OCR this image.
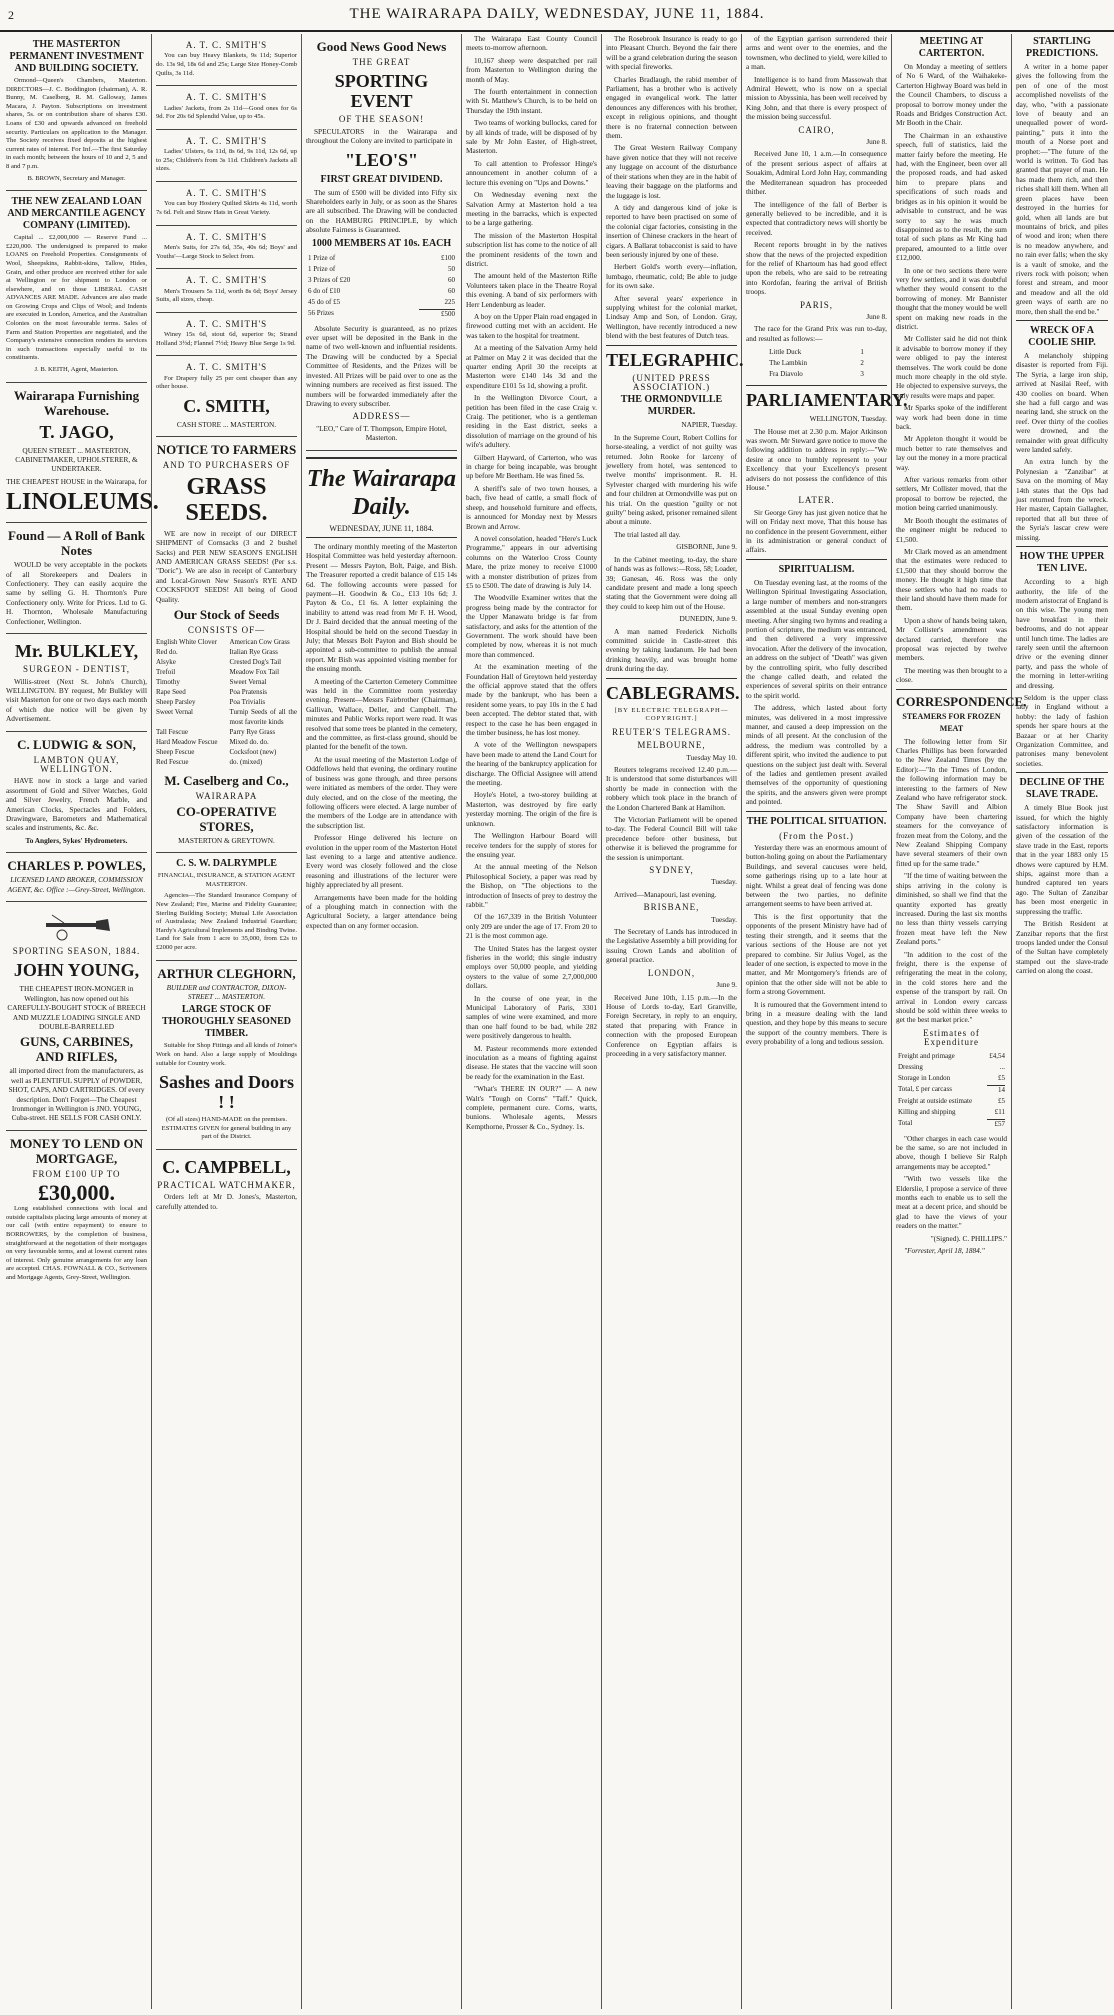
2	THE WAIRARAPA DAILY, WEDNESDAY, JUNE 11, 1884.
THE MASTERTON PERMANENT INVESTMENT AND BUILDING SOCIETY.

Ormond—Queen's Chambers, Masterton. DIRECTORS—J. C. Boddington (chairman), A. R. Bunny, M. Caselberg, R. M. Galloway, James Macara, J. Payton. Subscriptions on investment shares, 5s. or on contribution share of shares £30. Loans of £30 and upwards advanced on freehold security. Particulars on application to the Manager. The Society receives fixed deposits at the highest current rates of interest. For Inf.—The first Saturday in each month; between the hours of 10 and 2, 5 and 8 and 7 p.m.

B. BROWN, Secretary and Manager.

THE NEW ZEALAND LOAN AND MERCANTILE AGENCY COMPANY (LIMITED).

Capital ... £2,000,000 — Reserve Fund ... £220,000. The undersigned is prepared to make LOANS on Freehold Properties. Consignments of Wool, Sheepskins, Rabbit-skins, Tallow, Hides, Grain, and other produce are received either for sale at Wellington or for shipment to London or elsewhere, and on those LIBERAL CASH ADVANCES ARE MADE. Advances are also made on Growing Crops and Clips of Wool; and Indents are executed in London, America, and the Australian Colonies on the most favourable terms. Sales of Farm and Station Properties are negotiated, and the Company's extensive connection renders its services in such transactions especially useful to its constituents.

J. B. KEITH, Agent, Masterton.

Wairarapa Furnishing Warehouse.
T. JAGO,

QUEEN STREET ... MASTERTON, CABINETMAKER, UPHOLSTERER, & UNDERTAKER.

THE CHEAPEST HOUSE in the Wairarapa, for

LINOLEUMS.
Found — A Roll of Bank Notes

WOULD be very acceptable in the pockets of all Storekeepers and Dealers in Confectionery. They can easily acquire the same by selling G. H. Thornton's Pure Confectionery only. Write for Prices. Ltd to G. H. Thornton, Wholesale Manufacturing Confectioner, Wellington.

Mr. BULKLEY,
SURGEON - DENTIST,

Willis-street (Next St. John's Church), WELLINGTON. BY request, Mr Bulkley will visit Masterton for one or two days each month of which due notice will be given by Advertisement.

C. LUDWIG & SON,
LAMBTON QUAY, WELLINGTON.

HAVE now in stock a large and varied assortment of Gold and Silver Watches, Gold and Silver Jewelry, French Marble, and American Clocks, Spectacles and Folders, Drawingware, Barometers and Mathematical scales and instruments, &c. &c.

To Anglers, Sykes' Hydrometers.

CHARLES P. POWLES,

LICENSED LAND BROKER, COMMISSION AGENT, &c. Office :—Grey-Street, Wellington.

SPORTING SEASON, 1884.
JOHN YOUNG,

THE CHEAPEST IRON-MONGER in Wellington, has now opened out his CAREFULLY-BOUGHT STOCK of BREECH AND MUZZLE LOADING SINGLE AND DOUBLE-BARRELLED

GUNS, CARBINES, AND RIFLES,

all imported direct from the manufacturers, as well as PLENTIFUL SUPPLY of POWDER, SHOT, CAPS, AND CARTRIDGES. Of every description. Don't Forget—The Cheapest Ironmonger in Wellington is JNO. YOUNG, Cuba-street. HE SELLS FOR CASH ONLY.

MONEY TO LEND ON MORTGAGE,
FROM £100 UP TO
£30,000.

Long established connections with local and outside capitalists placing large amounts of money at our call (with entire repayment) to ensure to BORROWERS, by the completion of business, straightforward at the negotiation of their mortgages on very favourable terms, and at lowest current rates of interest. Only genuine arrangements for any loan are accepted. CHAS. FOWNALL & CO., Scriveners and Mortgage Agents, Grey-Street, Wellington.

A. T. C. SMITH'S

You can buy Heavy Blankets, 9s 11d; Superior do. 13s 9d, 18s 6d and 25s; Large Size Honey-Comb Quilts, 3s 11d.

A. T. C. SMITH'S

Ladies' Jackets, from 2s 11d—Good ones for 6s 9d. For 20s 6d Splendid Value, up to 45s.

A. T. C. SMITH'S

Ladies' Ulsters, 6s 11d, 8s 6d, 9s 11d, 12s 6d, up to 25s; Children's from 3s 11d. Children's Jackets all sizes.

A. T. C. SMITH'S

You can buy Hosiery Quilted Skirts 4s 11d, worth 7s 6d. Felt and Straw Hats in Great Variety.

A. T. C. SMITH'S

Men's Suits, for 27s 6d, 35s, 40s 6d; Boys' and Youths'—Large Stock to Select from.

A. T. C. SMITH'S

Men's Trousers 5s 11d, worth 8s 6d; Boys' Jersey Suits, all sizes, cheap.

A. T. C. SMITH'S

Winey 15s 6d, stout 6d, superior 9s; Strand Holland 3½d; Flannel 7½d; Heavy Blue Serge 1s 9d.

A. T. C. SMITH'S

For Drapery fully 25 per cent cheaper than any other house.

C. SMITH,

CASH STORE ... MASTERTON.

NOTICE TO FARMERS
AND TO PURCHASERS OF
GRASS SEEDS.

WE are now in receipt of our DIRECT SHIPMENT of Cornsacks (3 and 2 bushel Sacks) and PER NEW SEASON'S ENGLISH AND AMERICAN GRASS SEEDS! (Per s.s. "Doric"). We are also in receipt of Canterbury and Local-Grown New Season's RYE AND COCKSFOOT SEEDS! All being of Good Quality.

Our Stock of Seeds
CONSISTS OF—
English White Clover	American Cow Grass
Red do.	Italian Rye Grass
Alsyke	Crested Dog's Tail
Trefoil	Meadow Fox Tail
Timothy	Sweet Vernal
Rape Seed	Poa Pratensis
Sheep Parsley	Poa Trivialis
Sweet Vernal	Turnip Seeds of all the most favorite kinds
Tall Fescue	Parry Rye Grass
Hard Meadow Fescue	Mixed do. do.
Sheep Fescue	Cocksfoot (new)
Red Fescue	do. (mixed)
M. Caselberg and Co.,
WAIRARAPA
CO-OPERATIVE STORES,

MASTERTON & GREYTOWN.

C. S. W. DALRYMPLE

FINANCIAL, INSURANCE, & STATION AGENT MASTERTON.

Agencies—The Standard Insurance Company of New Zealand; Fire, Marine and Fidelity Guarantee; Sterling Building Society; Mutual Life Association of Australasia; New Zealand Industrial Guardian; Hardy's Agricultural Implements and Binding Twine. Land for Sale from 1 acre to 35,000, from £2s to £2000 per acre.

ARTHUR CLEGHORN,

BUILDER and CONTRACTOR, DIXON-STREET ... MASTERTON.

LARGE STOCK OF THOROUGHLY SEASONED TIMBER.

Suitable for Shop Fittings and all kinds of Joiner's Work on hand. Also a large supply of Mouldings suitable for Country work.

Sashes and Doors ! !

(Of all sizes) HAND-MADE on the premises. ESTIMATES GIVEN for general building in any part of the District.

C. CAMPBELL,
PRACTICAL WATCHMAKER,

Orders left at Mr D. Jones's, Masterton, carefully attended to.

Good News Good News
THE GREAT
SPORTING EVENT
OF THE SEASON!

SPECULATORS in the Wairarapa and throughout the Colony are invited to participate in

"LEO'S"
FIRST GREAT DIVIDEND.

The sum of £500 will be divided into Fifty six Shareholders early in July, or as soon as the Shares are all subscribed. The Drawing will be conducted on the HAMBURG PRINCIPLE, by which absolute Fairness is Guaranteed.

1000 MEMBERS AT 10s. EACH
1 Prize of	£100
1 Prize of	50
3 Prizes of £20	60
6 do of £10	60
45 do of £5	225
56 Prizes	£500

Absolute Security is guaranteed, as no prizes ever upset will be deposited in the Bank in the name of two well-known and influential residents. The Drawing will be conducted by a Special Committee of Residents, and the Prizes will be invested. All Prizes will be paid over to one as the winning numbers are received as first issued. The numbers will be forwarded immediately after the Drawing to every subscriber.

ADDRESS—

"LEO," Care of T. Thompson, Empire Hotel, Masterton.

The Wairarapa Daily.
WEDNESDAY, JUNE 11, 1884.

The ordinary monthly meeting of the Masterton Hospital Committee was held yesterday afternoon. Present — Messrs Payton, Bolt, Paige, and Bish. The Treasurer reported a credit balance of £15 14s 6d. The following accounts were passed for payment—H. Goodwin & Co., £13 10s 6d; J. Payton & Co., £1 6s. A letter explaining the inability to attend was read from Mr F. H. Wood, Dr J. Baird decided that the annual meeting of the Hospital should be held on the second Tuesday in July; that Messrs Bolt Payton and Bish should be appointed a sub-committee to publish the annual report. Mr Bish was appointed visiting member for the ensuing month.

A meeting of the Carterton Cemetery Committee was held in the Committee room yesterday evening. Present—Messrs Fairbrother (Chairman), Gallivan, Wallace, Deller, and Campbell. The minutes and Public Works report were read. It was resolved that some trees be planted in the cemetery, and the committee, as first-class ground, should be planted for the benefit of the town.

At the usual meeting of the Masterton Lodge of Oddfellows held that evening, the ordinary routine of business was gone through, and three persons were initiated as members of the order. They were duly elected, and on the close of the meeting, the following officers were elected. A large number of the members of the Lodge are in attendance with the subscription list.

Professor Hinge delivered his lecture on evolution in the upper room of the Masterton Hotel last evening to a large and attentive audience. Every word was closely followed and the close reasoning and illustrations of the lecturer were highly appreciated by all present.

Arrangements have been made for the holding of a ploughing match in connection with the Agricultural Society, a larger attendance being expected than on any former occasion.

The Wairarapa East County Council meets to-morrow afternoon.

10,167 sheep were despatched per rail from Masterton to Wellington during the month of May.

The fourth entertainment in connection with St. Matthew's Church, is to be held on Thursday the 19th instant.

Two teams of working bullocks, cared for by all kinds of trade, will be disposed of by sale by Mr John Easter, of High-street, Masterton.

To call attention to Professor Hinge's announcement in another column of a lecture this evening on "Ups and Downs."

On Wednesday evening next the Salvation Army at Masterton hold a tea meeting in the barracks, which is expected to be a large gathering.

The mission of the Masterton Hospital subscription list has come to the notice of all the prominent residents of the town and district.

The amount held of the Masterton Rifle Volunteers taken place in the Theatre Royal this evening. A band of six performers with Herr Lendenburg as leader.

A boy on the Upper Plain road engaged in firewood cutting met with an accident. He was taken to the hospital for treatment.

At a meeting of the Salvation Army held at Palmer on May 2 it was decided that the quarter ending April 30 the receipts at Masterton were £140 14s 3d and the expenditure £101 5s 1d, showing a profit.

In the Wellington Divorce Court, a petition has been filed in the case Craig v. Craig. The petitioner, who is a gentleman residing in the East district, seeks a dissolution of marriage on the ground of his wife's adultery.

Gilbert Hayward, of Carterton, who was in charge for being incapable, was brought up before Mr Beetham. He was fined 5s.

A sheriff's sale of two town houses, a bach, five head of cattle, a small flock of sheep, and household furniture and effects, is announced for Monday next by Messrs Brown and Arrow.

A novel consolation, headed "Here's Luck Programme," appears in our advertising columns on the Waterloo Cross County Mare, the prize money to receive £1000 with a monster distribution of prizes from £5 to £500. The date of drawing is July 14.

The Woodville Examiner writes that the progress being made by the contractor for the Upper Manawatu bridge is far from satisfactory, and asks for the attention of the Government. The work should have been completed by now, whereas it is not much more than commenced.

At the examination meeting of the Foundation Hall of Greytown held yesterday the official approve stated that the offers made by the bankrupt, who has been a resident some years, to pay 10s in the £ had been accepted. The debtor stated that, with respect to the case he has been engaged in the timber business, he has lost money.

A vote of the Wellington newspapers have been made to attend the Land Court for the hearing of the bankruptcy application for discharge. The Official Assignee will attend the meeting.

Hoyle's Hotel, a two-storey building at Masterton, was destroyed by fire early yesterday morning. The origin of the fire is unknown.

The Wellington Harbour Board will receive tenders for the supply of stores for the ensuing year.

At the annual meeting of the Nelson Philosophical Society, a paper was read by the Bishop, on "The objections to the introduction of Insects of prey to destroy the rabbit."

Of the 167,339 in the British Volunteer only 209 are under the age of 17. From 20 to 21 is the most common age.

The United States has the largest oyster fisheries in the world; this single industry employs over 50,000 people, and yielding oysters to the value of some 2,7,000,000 dollars.

In the course of one year, in the Municipal Laboratory of Paris, 3301 samples of wine were examined, and more than one half found to be bad, while 282 were positively dangerous to health.

M. Pasteur recommends more extended inoculation as a means of fighting against disease. He states that the vaccine will soon be ready for the examination in the East.

"What's THERE IN OUR?" — A new Walt's "Tough on Corns" "Taff." Quick, complete, permanent cure. Corns, warts, bunions. Wholesale agents, Messrs Kempthorne, Prosser & Co., Sydney. 1s.

The Rosebrook Insurance is ready to go into Pleasant Church. Beyond the fair there will be a grand celebration during the season with special fireworks.

Charles Bradlaugh, the rabid member of Parliament, has a brother who is actively engaged in evangelical work. The latter denounces any differences with his brother, except in religious opinions, and thought there is no fraternal connection between them.

The Great Western Railway Company have given notice that they will not receive any luggage on account of the disturbance of their stations when they are in the habit of leaving their baggage on the platforms and the luggage is lost.

A tidy and dangerous kind of joke is reported to have been practised on some of the colonial cigar factories, consisting in the insertion of Chinese crackers in the heart of cigars. A Ballarat tobacconist is said to have been seriously injured by one of these.

Herbert Gold's worth every—inflation, lumbago, rheumatic, cold; Be able to judge for its own sake.

After several years' experience in supplying whitest for the colonial market, Lindsay Amp and Son, of London. Gray, Wellington, have recently introduced a new blend with the best features of Dutch teas.

TELEGRAPHIC.
(UNITED PRESS ASSOCIATION.)
THE ORMONDVILLE MURDER.

NAPIER, Tuesday.

In the Supreme Court, Robert Collins for horse-stealing, a verdict of not guilty was returned. John Rooke for larceny of jewellery from hotel, was sentenced to twelve months' imprisonment. R. H. Sylvester charged with murdering his wife and four children at Ormondville was put on his trial. On the question "guilty or not guilty" being asked, prisoner remained silent about a minute.

The trial lasted all day.

GISBORNE, June 9.

In the Cabinet meeting, to-day, the share of hands was as follows:—Ross, 58; Loader, 39; Ganesan, 46. Ross was the only candidate present and made a long speech stating that the Government were doing all they could to keep him out of the House.

DUNEDIN, June 9.

A man named Frederick Nicholls committed suicide in Castle-street this evening by taking laudanum. He had been drinking heavily, and was brought home drunk during the day.

CABLEGRAMS.
[BY ELECTRIC TELEGRAPH—COPYRIGHT.]
REUTER'S TELEGRAMS.
MELBOURNE,

Tuesday May 10.

Reuters telegrams received 12.40 p.m.—It is understood that some disturbances will shortly be made in connection with the robbery which took place in the branch of the London Chartered Bank at Hamilton.

The Victorian Parliament will be opened to-day. The Federal Council Bill will take precedence before other business, but otherwise it is believed the programme for the session is unimportant.

SYDNEY,

Tuesday.

Arrived—Manapouri, last evening.

BRISBANE,

Tuesday.

The Secretary of Lands has introduced in the Legislative Assembly a bill providing for issuing Crown Lands and abolition of general practice.

LONDON,

June 9.

Received June 10th, 1.15 p.m.—In the House of Lords to-day, Earl Granville, Foreign Secretary, in reply to an enquiry, stated that preparing with France in connection with the proposed European Conference on Egyptian affairs is proceeding in a very satisfactory manner.

of the Egyptian garrison surrendered their arms and went over to the enemies, and the townsmen, who declined to yield, were killed to a man.

Intelligence is to hand from Massowah that Admiral Hewett, who is now on a special mission to Abyssinia, has been well received by King John, and that there is every prospect of the mission being successful.

CAIRO,

June 8.

Received June 10, 1 a.m.—In consequence of the present serious aspect of affairs at Souakim, Admiral Lord John Hay, commanding the Mediterranean squadron has proceeded thither.

The intelligence of the fall of Berber is generally believed to be incredible, and it is expected that contradictory news will shortly be received.

Recent reports brought in by the natives show that the news of the projected expedition for the relief of Khartoum has had good effect upon the rebels, who are said to be retreating into Kordofan, fearing the arrival of British troops.

PARIS,

June 8.

The race for the Grand Prix was run to-day, and resulted as follows:—

Little Duck	1
The Lambkin	2
Fra Diavolo	3
PARLIAMENTARY.

WELLINGTON, Tuesday.

The House met at 2.30 p.m. Major Atkinson was sworn. Mr Steward gave notice to move the following addition to address in reply:—"We desire at once to humbly represent to your Excellency that your Excellency's present advisers do not possess the confidence of this House."

LATER.

Sir George Grey has just given notice that he will on Friday next move, That this house has no confidence in the present Government, either in its administration or general conduct of affairs.

SPIRITUALISM.

On Tuesday evening last, at the rooms of the Wellington Spiritual Investigating Association, a large number of members and non-strangers assembled at the usual Sunday evening open meeting. After singing two hymns and reading a portion of scripture, the medium was entranced, and then delivered a very impressive invocation. After the delivery of the invocation, an address on the subject of "Death" was given by the controlling spirit, who fully described the change called death, and related the experiences of several spirits on their entrance to the spirit world.

The address, which lasted about forty minutes, was delivered in a most impressive manner, and caused a deep impression on the minds of all present. At the conclusion of the address, the medium was controlled by a different spirit, who invited the audience to put questions on the subject just dealt with. Several of the ladies and gentlemen present availed themselves of the opportunity of questioning the spirits, and the answers given were prompt and pointed.

THE POLITICAL SITUATION.
(From the Post.)

Yesterday there was an enormous amount of button-holing going on about the Parliamentary Buildings, and several caucuses were held, some gatherings rising up to a late hour at night. Whilst a great deal of fencing was done between the two parties, no definite arrangement seems to have been arrived at.

This is the first opportunity that the opponents of the present Ministry have had of testing their strength, and it seems that the various sections of the House are not yet prepared to combine. Sir Julius Vogel, as the leader of one section, is expected to move in the matter, and Mr Montgomery's friends are of opinion that the other side will not be able to form a strong Government.

It is rumoured that the Government intend to bring in a measure dealing with the land question, and they hope by this means to secure the support of the country members. There is every probability of a long and tedious session.

MEETING AT CARTERTON.

On Monday a meeting of settlers of No 6 Ward, of the Waihakeke-Carterton Highway Board was held in the Council Chambers, to discuss a proposal to borrow money under the Roads and Bridges Construction Act. Mr Booth in the Chair.

The Chairman in an exhaustive speech, full of statistics, laid the matter fairly before the meeting. He had, with the Engineer, been over all the proposed roads, and had asked him to prepare plans and specifications of such roads and bridges as in his opinion it would be advisable to construct, and he was sorry to say he was much disappointed as to the result, the sum total of such plans as Mr King had prepared, amounted to a little over £12,000.

In one or two sections there were very few settlers, and it was doubtful whether they would consent to the borrowing of money. Mr Bannister thought that the money would be well spent on making new roads in the district.

Mr Collister said he did not think it advisable to borrow money if they were obliged to pay the interest themselves. The work could be done much more cheaply in the old style. He objected to expensive surveys, the only results were maps and paper.

Mr Sparks spoke of the indifferent way work had been done in time back.

Mr Appleton thought it would be much better to rate themselves and lay out the money in a more practical way.

After various remarks from other settlers, Mr Collister moved, that the proposal to borrow be rejected, the motion being carried unanimously.

Mr Booth thought the estimates of the engineer might be reduced to £1,500.

Mr Clark moved as an amendment that the estimates were reduced to £1,500 that they should borrow the money. He thought it high time that these settlers who had no roads to their land should have them made for them.

Upon a show of hands being taken, Mr Collister's amendment was declared carried, therefore the proposal was rejected by twelve members.

The meeting was then brought to a close.

CORRESPONDENCE.
STEAMERS FOR FROZEN MEAT

The following letter from Sir Charles Phillips has been forwarded to the New Zealand Times (by the Editor):—"In the Times of London, the following information may be interesting to the farmers of New Zealand who have refrigerator stock. The Shaw Savill and Albion Company have been chartering steamers for the conveyance of frozen meat from the Colony, and the New Zealand Shipping Company have several steamers of their own fitted up for the same trade."

"If the time of waiting between the ships arriving in the colony is diminished, so shall we find that the quantity exported has greatly increased. During the last six months no less than thirty vessels carrying frozen meat have left the New Zealand ports."

"In addition to the cost of the freight, there is the expense of refrigerating the meat in the colony, in the cold stores here and the expense of the transport by rail. On arrival in London every carcass should be sold within three weeks to get the best market price."

Estimates of Expenditure
Freight and primage	£4,54
Dressing	...
Storage in London	£5
Total, £ per carcass	14
Freight at outside estimate	£5
Killing and shipping	£11
Total	£57

"Other charges in each case would be the same, so are not included in above, though I believe Sir Ralph arrangements may be accepted."

"With two vessels like the Elderslie, I propose a service of three months each to enable us to sell the meat at a decent price, and should be glad to have the views of your readers on the matter."

"(Signed). C. PHILLIPS."

"Forrester, April 18, 1884."

STARTLING PREDICTIONS.

A writer in a home paper gives the following from the pen of one of the most accomplished novelists of the day, who, "with a passionate love of beauty and an unequalled power of word-painting," puts it into the mouth of a Norse poet and prophet:—"The future of the world is written. To God has granted that prayer of man. He has made them rich, and then riches shall kill them. When all green places have been destroyed in the hurries for gold, when all lands are but mountains of brick, and piles of wood and iron; when there is no meadow anywhere, and no rain ever falls; when the sky is a vault of smoke, and the rivers rock with poison; when forest and stream, and moor and meadow and all the old green ways of earth are no more, then shall the end be."

WRECK OF A COOLIE SHIP.

A melancholy shipping disaster is reported from Fiji. The Syria, a large iron ship, arrived at Nasilai Reef, with 430 coolies on board. When she had a full cargo and was nearing land, she struck on the reef. Over thirty of the coolies were drowned, and the remainder with great difficulty were landed safely.

An extra lunch by the Polynesian a "Zanzibar" at Suva on the morning of May 14th states that the Ops had just returned from the wreck. Her master, Captain Gallagher, reported that all but three of the Syria's lascar crew were missing.

HOW THE UPPER TEN LIVE.

According to a high authority, the life of the modern aristocrat of England is on this wise. The young men have breakfast in their bedrooms, and do not appear until lunch time. The ladies are rarely seen until the afternoon drive or the evening dinner party, and pass the whole of the morning in letter-writing and dressing.

Seldom is the upper class lady in England without a hobby: the lady of fashion spends her spare hours at the Bazaar or at her Charity Organization Committee, and patronises many benevolent societies.

DECLINE OF THE SLAVE TRADE.

A timely Blue Book just issued, for which the highly satisfactory information is given of the cessation of the slave trade in the East, reports that in the year 1883 only 15 dhows were captured by H.M. ships, against more than a hundred captured ten years ago. The Sultan of Zanzibar has been most energetic in suppressing the traffic.

The British Resident at Zanzibar reports that the first troops landed under the Consul of the Sultan have completely stamped out the slave-trade carried on along the coast.
